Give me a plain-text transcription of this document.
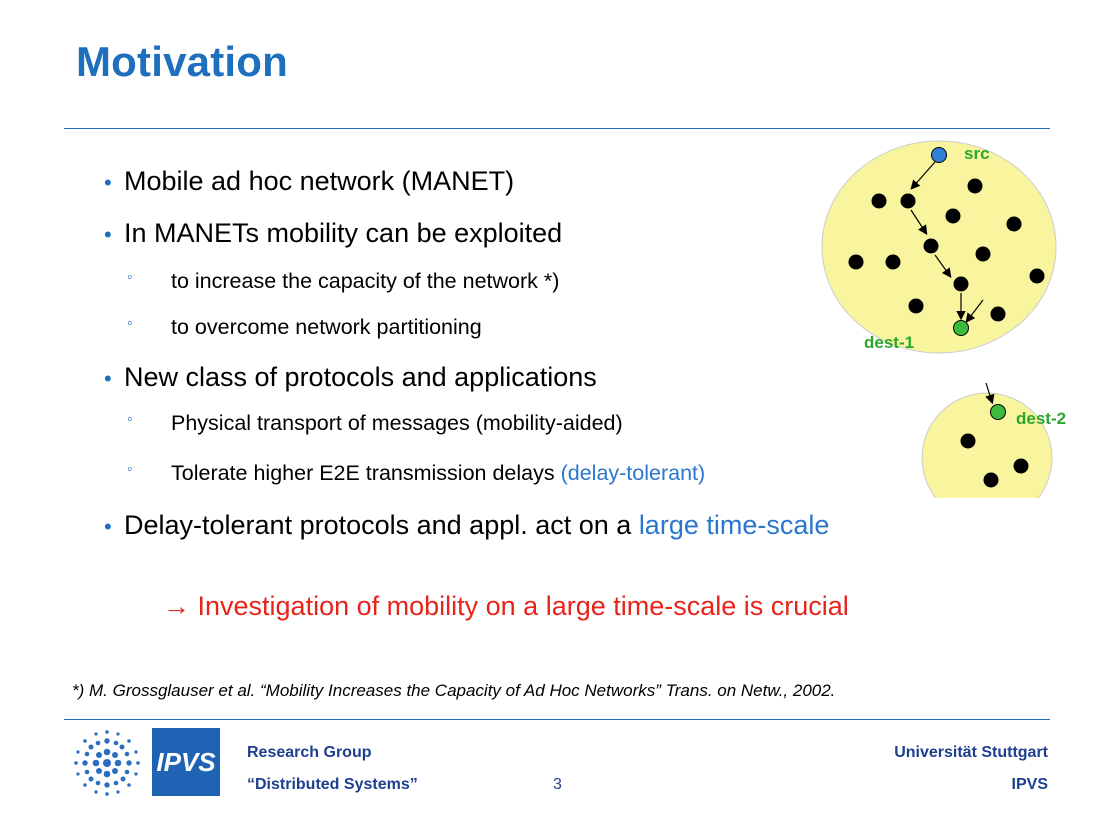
Motivation
• Mobile ad hoc network (MANET)
• In MANETs mobility can be exploited
◦ to increase the capacity of the network *)
◦ to overcome network partitioning
• New class of protocols and applications
◦ Physical transport of messages (mobility-aided)
◦ Tolerate higher E2E transmission delays (delay-tolerant)
• Delay-tolerant protocols and appl. act on a large time-scale
→ Investigation of mobility on a large time-scale is crucial
*) M. Grossglauser et al. “Mobility Increases the Capacity of Ad Hoc Networks” Trans. on Netw., 2002.
src
dest-1
dest-2
IPVS Research Group
“Distributed Systems”	3
Universität Stuttgart
IPVS
